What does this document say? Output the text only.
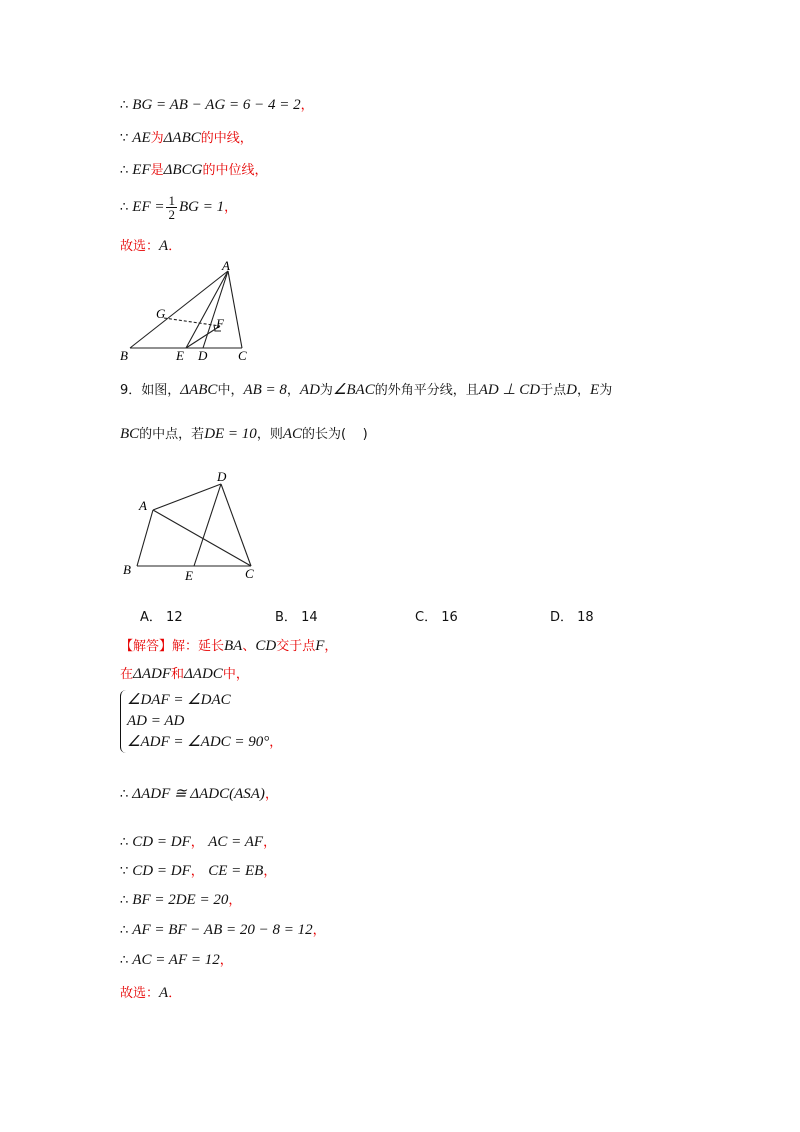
∴ BG = AB − AG = 6 − 4 = 2，
∵ AE为ΔABC的中线，
∴ EF是ΔBCG的中位线，
∴ EF = $\frac{1}{2}$ BG = 1，
故选：A．
A
G
F
B	E D C
9．如图，ΔABC中，AB = 8，AD为∠BAC的外角平分线，且AD ⊥ CD于点D，E为
BC的中点，若DE = 10，则AC的长为(    )
D
A
B	E	C
A． 12	B． 14	C． 16	D． 18
【解答】解：延长BA、CD交于点F，
在ΔADF和ΔADC中，
∠DAF = ∠DAC
AD = AD
∠ADF = ∠ADC = 90°，
∴ ΔADF ≅ ΔADC(ASA)，
∴ CD = DF， AC = AF，
∵ CD = DF， CE = EB，
∴ BF = 2DE = 20，
∴ AF = BF − AB = 20 − 8 = 12，
∴ AC = AF = 12，
故选：A．
